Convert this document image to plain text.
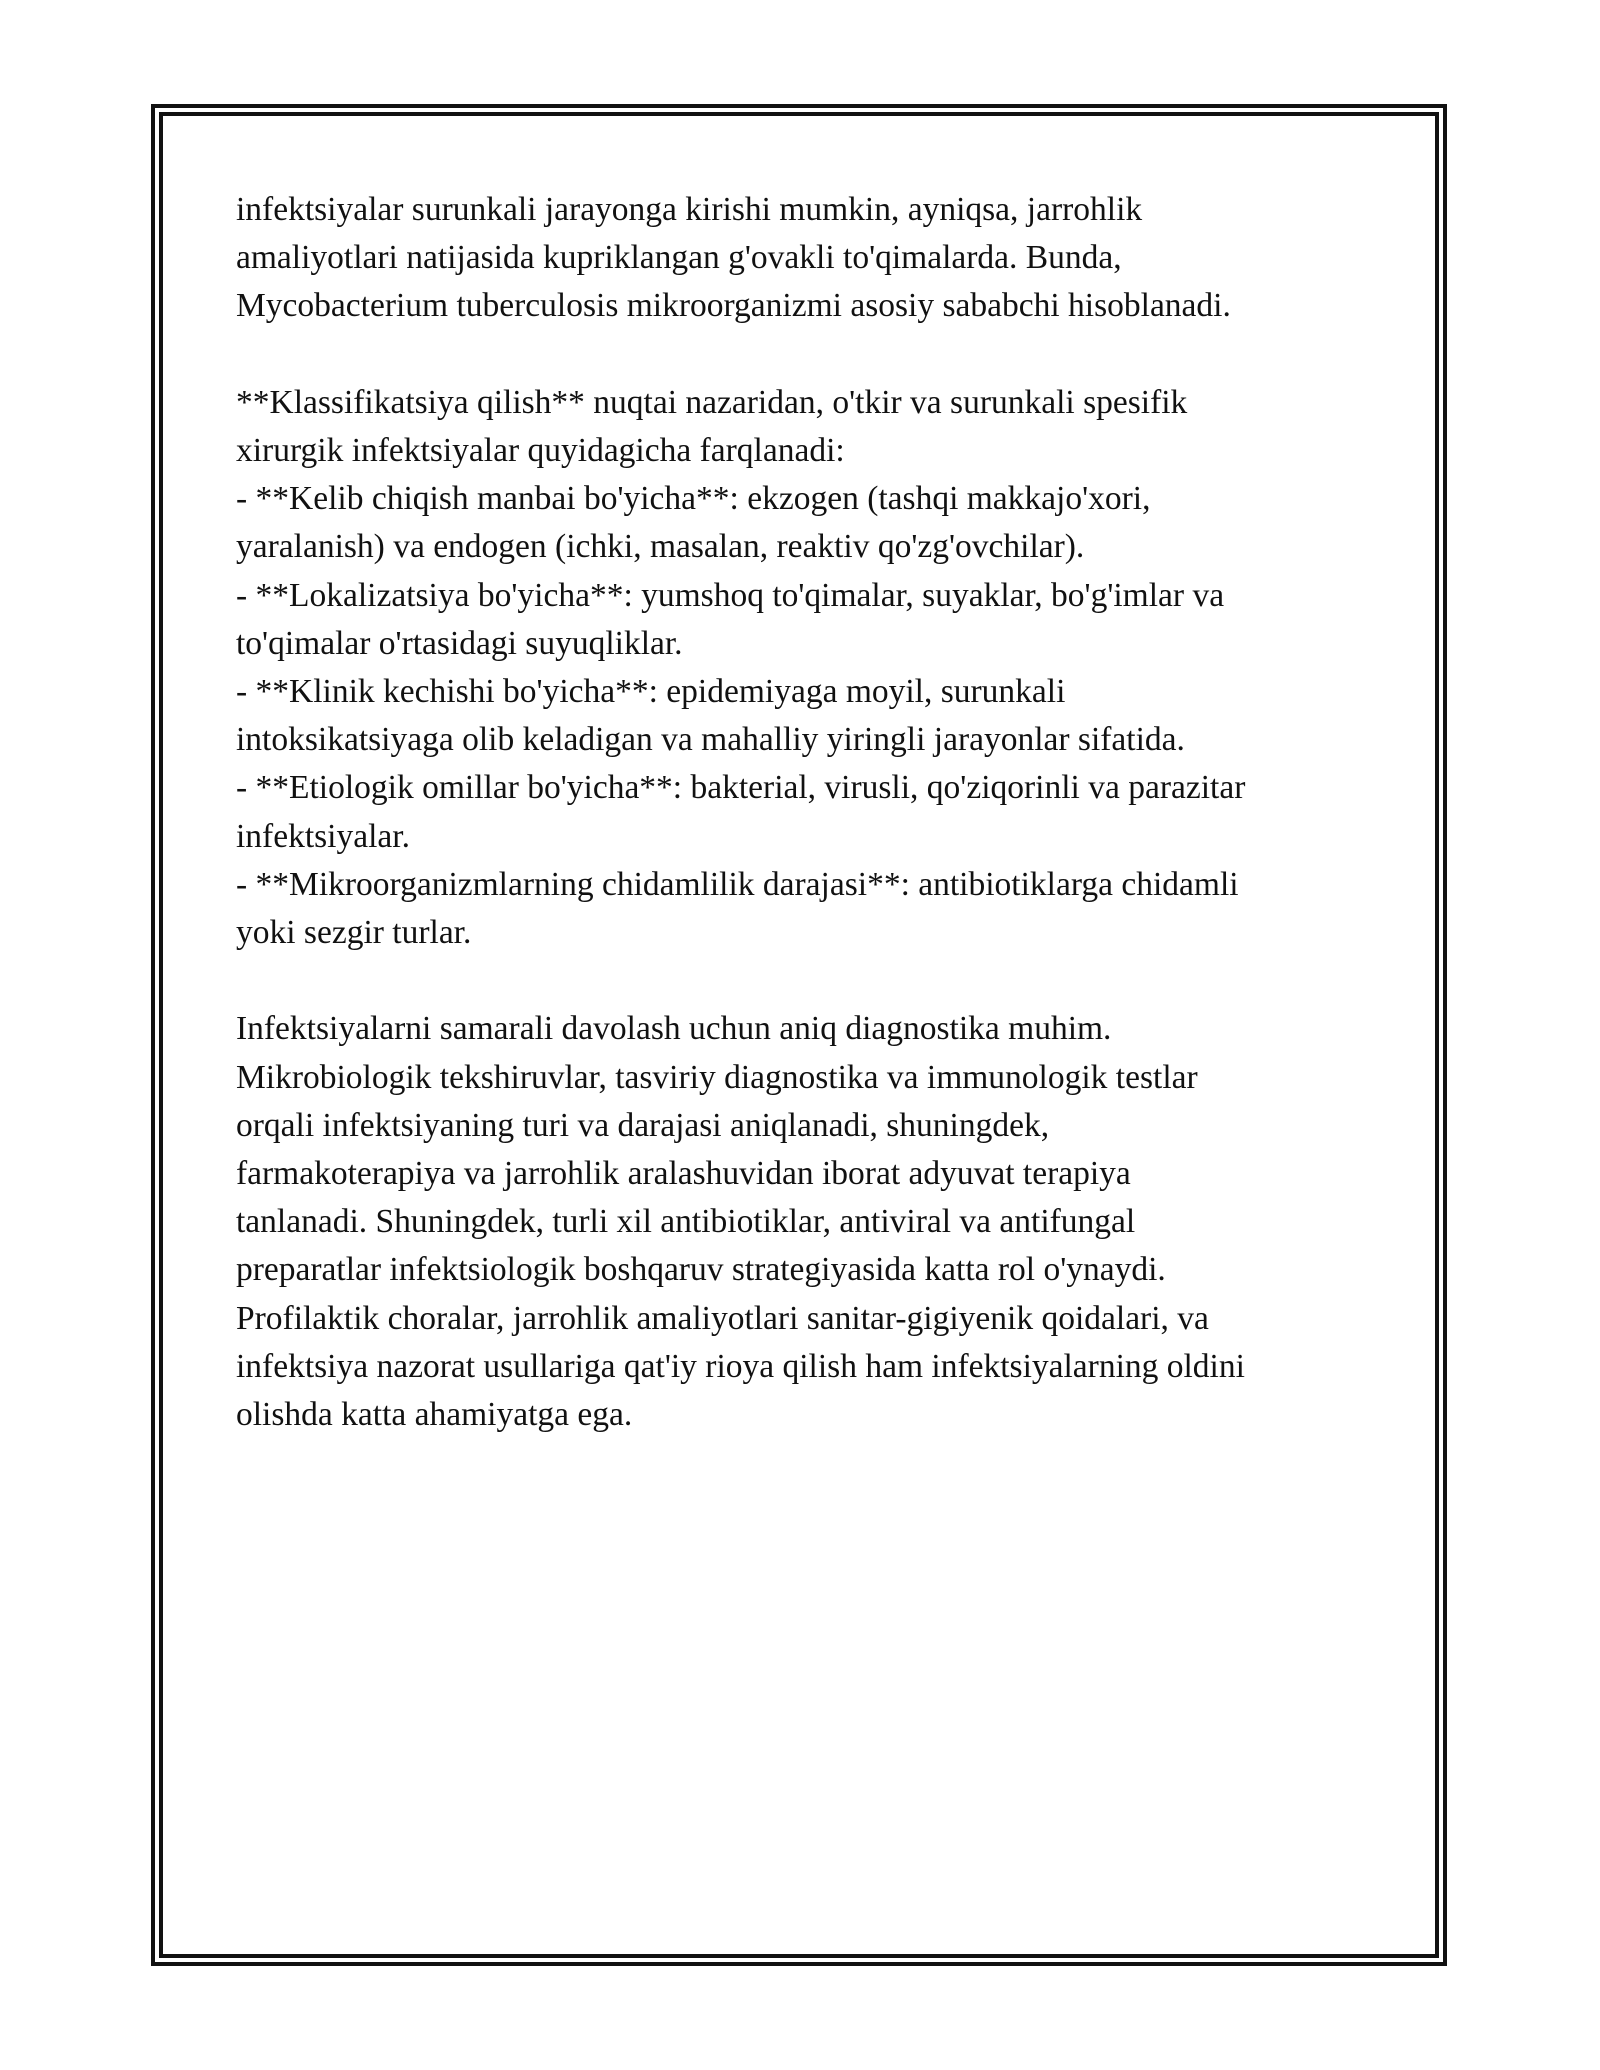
infektsiyalar surunkali jarayonga kirishi mumkin, ayniqsa, jarrohlik

amaliyotlari natijasida kupriklangan g'ovakli to'qimalarda. Bunda,

Mycobacterium tuberculosis mikroorganizmi asosiy sababchi hisoblanadi.

**Klassifikatsiya qilish** nuqtai nazaridan, o'tkir va surunkali spesifik

xirurgik infektsiyalar quyidagicha farqlanadi:

- **Kelib chiqish manbai bo'yicha**: ekzogen (tashqi makkajo'xori,

yaralanish) va endogen (ichki, masalan, reaktiv qo'zg'ovchilar).

- **Lokalizatsiya bo'yicha**: yumshoq to'qimalar, suyaklar, bo'g'imlar va

to'qimalar o'rtasidagi suyuqliklar.

- **Klinik kechishi bo'yicha**: epidemiyaga moyil, surunkali

intoksikatsiyaga olib keladigan va mahalliy yiringli jarayonlar sifatida.

- **Etiologik omillar bo'yicha**: bakterial, virusli, qo'ziqorinli va parazitar

infektsiyalar.

- **Mikroorganizmlarning chidamlilik darajasi**: antibiotiklarga chidamli

yoki sezgir turlar.

Infektsiyalarni samarali davolash uchun aniq diagnostika muhim.

Mikrobiologik tekshiruvlar, tasviriy diagnostika va immunologik testlar

orqali infektsiyaning turi va darajasi aniqlanadi, shuningdek,

farmakoterapiya va jarrohlik aralashuvidan iborat adyuvat terapiya

tanlanadi. Shuningdek, turli xil antibiotiklar, antiviral va antifungal

preparatlar infektsiologik boshqaruv strategiyasida katta rol o'ynaydi.

Profilaktik choralar, jarrohlik amaliyotlari sanitar-gigiyenik qoidalari, va

infektsiya nazorat usullariga qat'iy rioya qilish ham infektsiyalarning oldini

olishda katta ahamiyatga ega.
